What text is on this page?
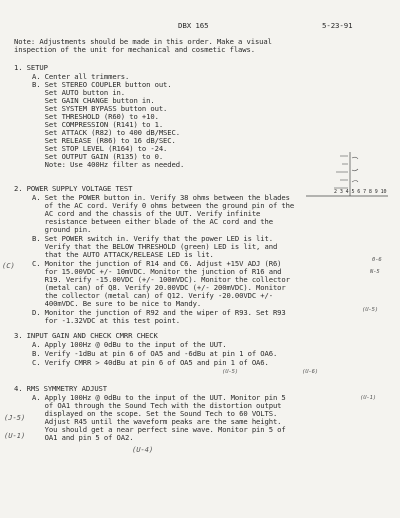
DBX 165	5-23-91
Note: Adjustments should be made in this order. Make a visual
inspection of the unit for mechanical and cosmetic flaws.
1. SETUP
A. Center all trimmers.
B. Set STEREO COUPLER button out.
Set AUTO button in.
Set GAIN CHANGE button in.
Set SYSTEM BYPASS button out.
Set THRESHOLD (R60) to +10.
Set COMPRESSION (R141) to 1.
Set ATTACK (R82) to 400 dB/MSEC.
Set RELEASE (R86) to 16 dB/SEC.
Set STOP LEVEL (R164) to -24.
Set OUTPUT GAIN (R135) to 0.
Note: Use 400Hz filter as needed.
2 3 4 5 6 7 8 9 10
2. POWER SUPPLY VOLTAGE TEST
A. Set the POWER button in. Verify 38 ohms between the blades
of the AC cord. Verify 0 ohms between the ground pin of the
AC cord and the chassis of the UUT. Verify infinite
resistance between either blade of the AC cord and the
ground pin.
B. Set POWER switch in. Verify that the power LED is lit.
Verify that the BELOW THRESHOLD (green) LED is lit, and
that the AUTO ATTACK/RELEASE LED is lit.
C. Monitor the junction of R14 and C6. Adjust +15V ADJ (R6)
for 15.00VDC +/- 10mVDC. Monitor the junction of R16 and
R19. Verify -15.00VDC (+/- 100mVDC). Monitor the collector
(metal can) of Q8. Verify 20.00VDC (+/- 200mVDC). Monitor
the collector (metal can) of Q12. Verify -20.00VDC +/-
400mVDC. Be sure to be nice to Mandy.
D. Monitor the junction of R92 and the wiper of R93. Set R93
for -1.32VDC at this test point.
(C)
0-6
N-5
(U-5)
3. INPUT GAIN AND CHECK CMRR CHECK
A. Apply 100Hz @ 0dBu to the input of the UUT.
B. Verify -1dBu at pin 6 of OA5 and -6dBu at pin 1 of OA6.
C. Verify CMRR > 40dBu at pin 6 of OA5 and pin 1 of OA6.
(U-5)	(U-6)
4. RMS SYMMETRY ADJUST
A. Apply 100Hz @ 0dBu to the input of the UUT. Monitor pin 5
of OA1 through the Sound Tech with the distortion output
displayed on the scope. Set the Sound Tech to 60 VOLTS.
Adjust R45 until the waveform peaks are the same height.
You should get a near perfect sine wave. Monitor pin 5 of
OA1 and pin 5 of OA2.
(U-1)
(J-5)
(U-1)
(U-4)
